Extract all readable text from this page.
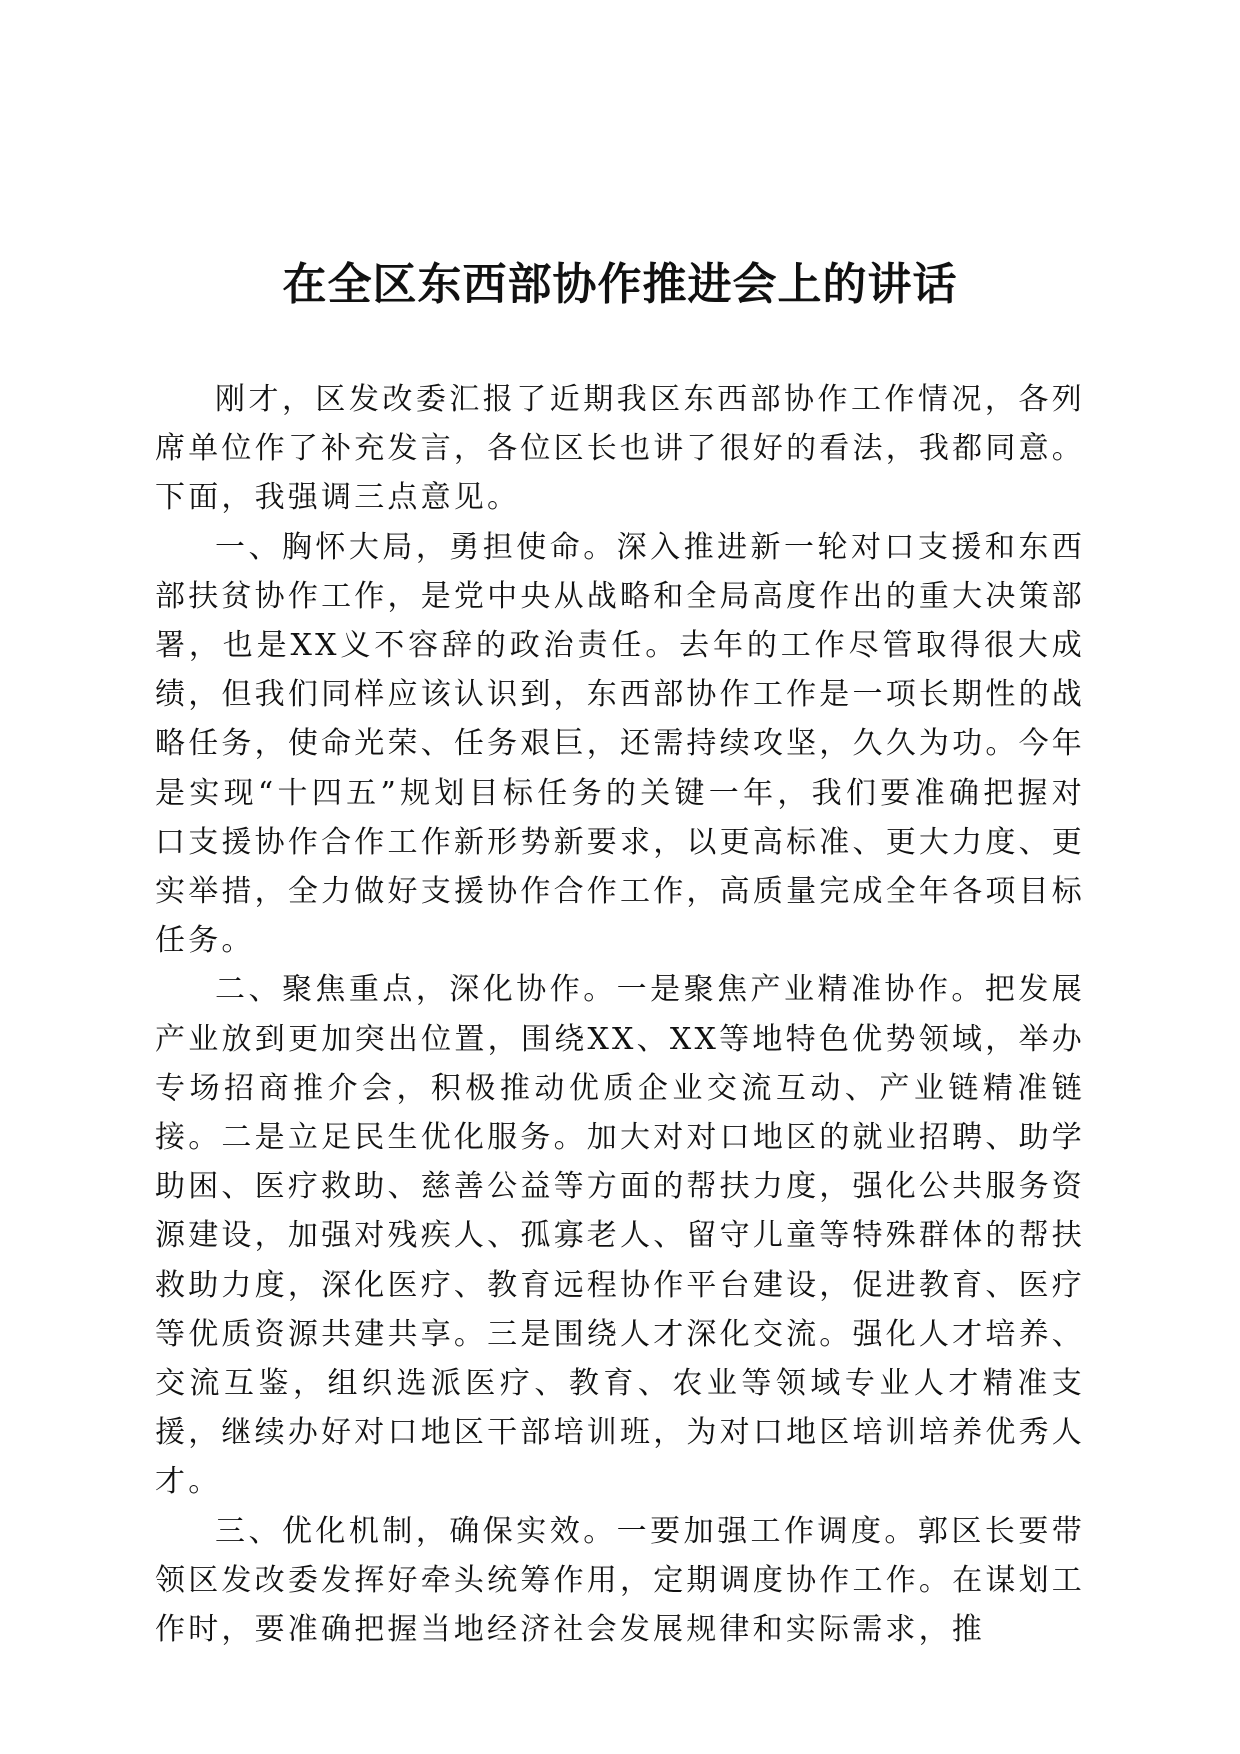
在全区东西部协作推进会上的讲话

刚才，区发改委汇报了近期我区东西部协作工作情况，各列席单位作了补充发言，各位区长也讲了很好的看法，我都同意。下面，我强调三点意见。

一、胸怀大局，勇担使命。深入推进新一轮对口支援和东西部扶贫协作工作，是党中央从战略和全局高度作出的重大决策部署，也是XX义不容辞的政治责任。去年的工作尽管取得很大成绩，但我们同样应该认识到，东西部协作工作是一项长期性的战略任务，使命光荣、任务艰巨，还需持续攻坚，久久为功。今年是实现“十四五”规划目标任务的关键一年，我们要准确把握对口支援协作合作工作新形势新要求，以更高标准、更大力度、更实举措，全力做好支援协作合作工作，高质量完成全年各项目标任务。

二、聚焦重点，深化协作。一是聚焦产业精准协作。把发展产业放到更加突出位置，围绕XX、XX等地特色优势领域，举办专场招商推介会，积极推动优质企业交流互动、产业链精准链接。二是立足民生优化服务。加大对对口地区的就业招聘、助学助困、医疗救助、慈善公益等方面的帮扶力度，强化公共服务资源建设，加强对残疾人、孤寡老人、留守儿童等特殊群体的帮扶救助力度，深化医疗、教育远程协作平台建设，促进教育、医疗等优质资源共建共享。三是围绕人才深化交流。强化人才培养、交流互鉴，组织选派医疗、教育、农业等领域专业人才精准支援，继续办好对口地区干部培训班，为对口地区培训培养优秀人才。

三、优化机制，确保实效。一要加强工作调度。郭区长要带领区发改委发挥好牵头统筹作用，定期调度协作工作。在谋划工作时，要准确把握当地经济社会发展规律和实际需求，推
